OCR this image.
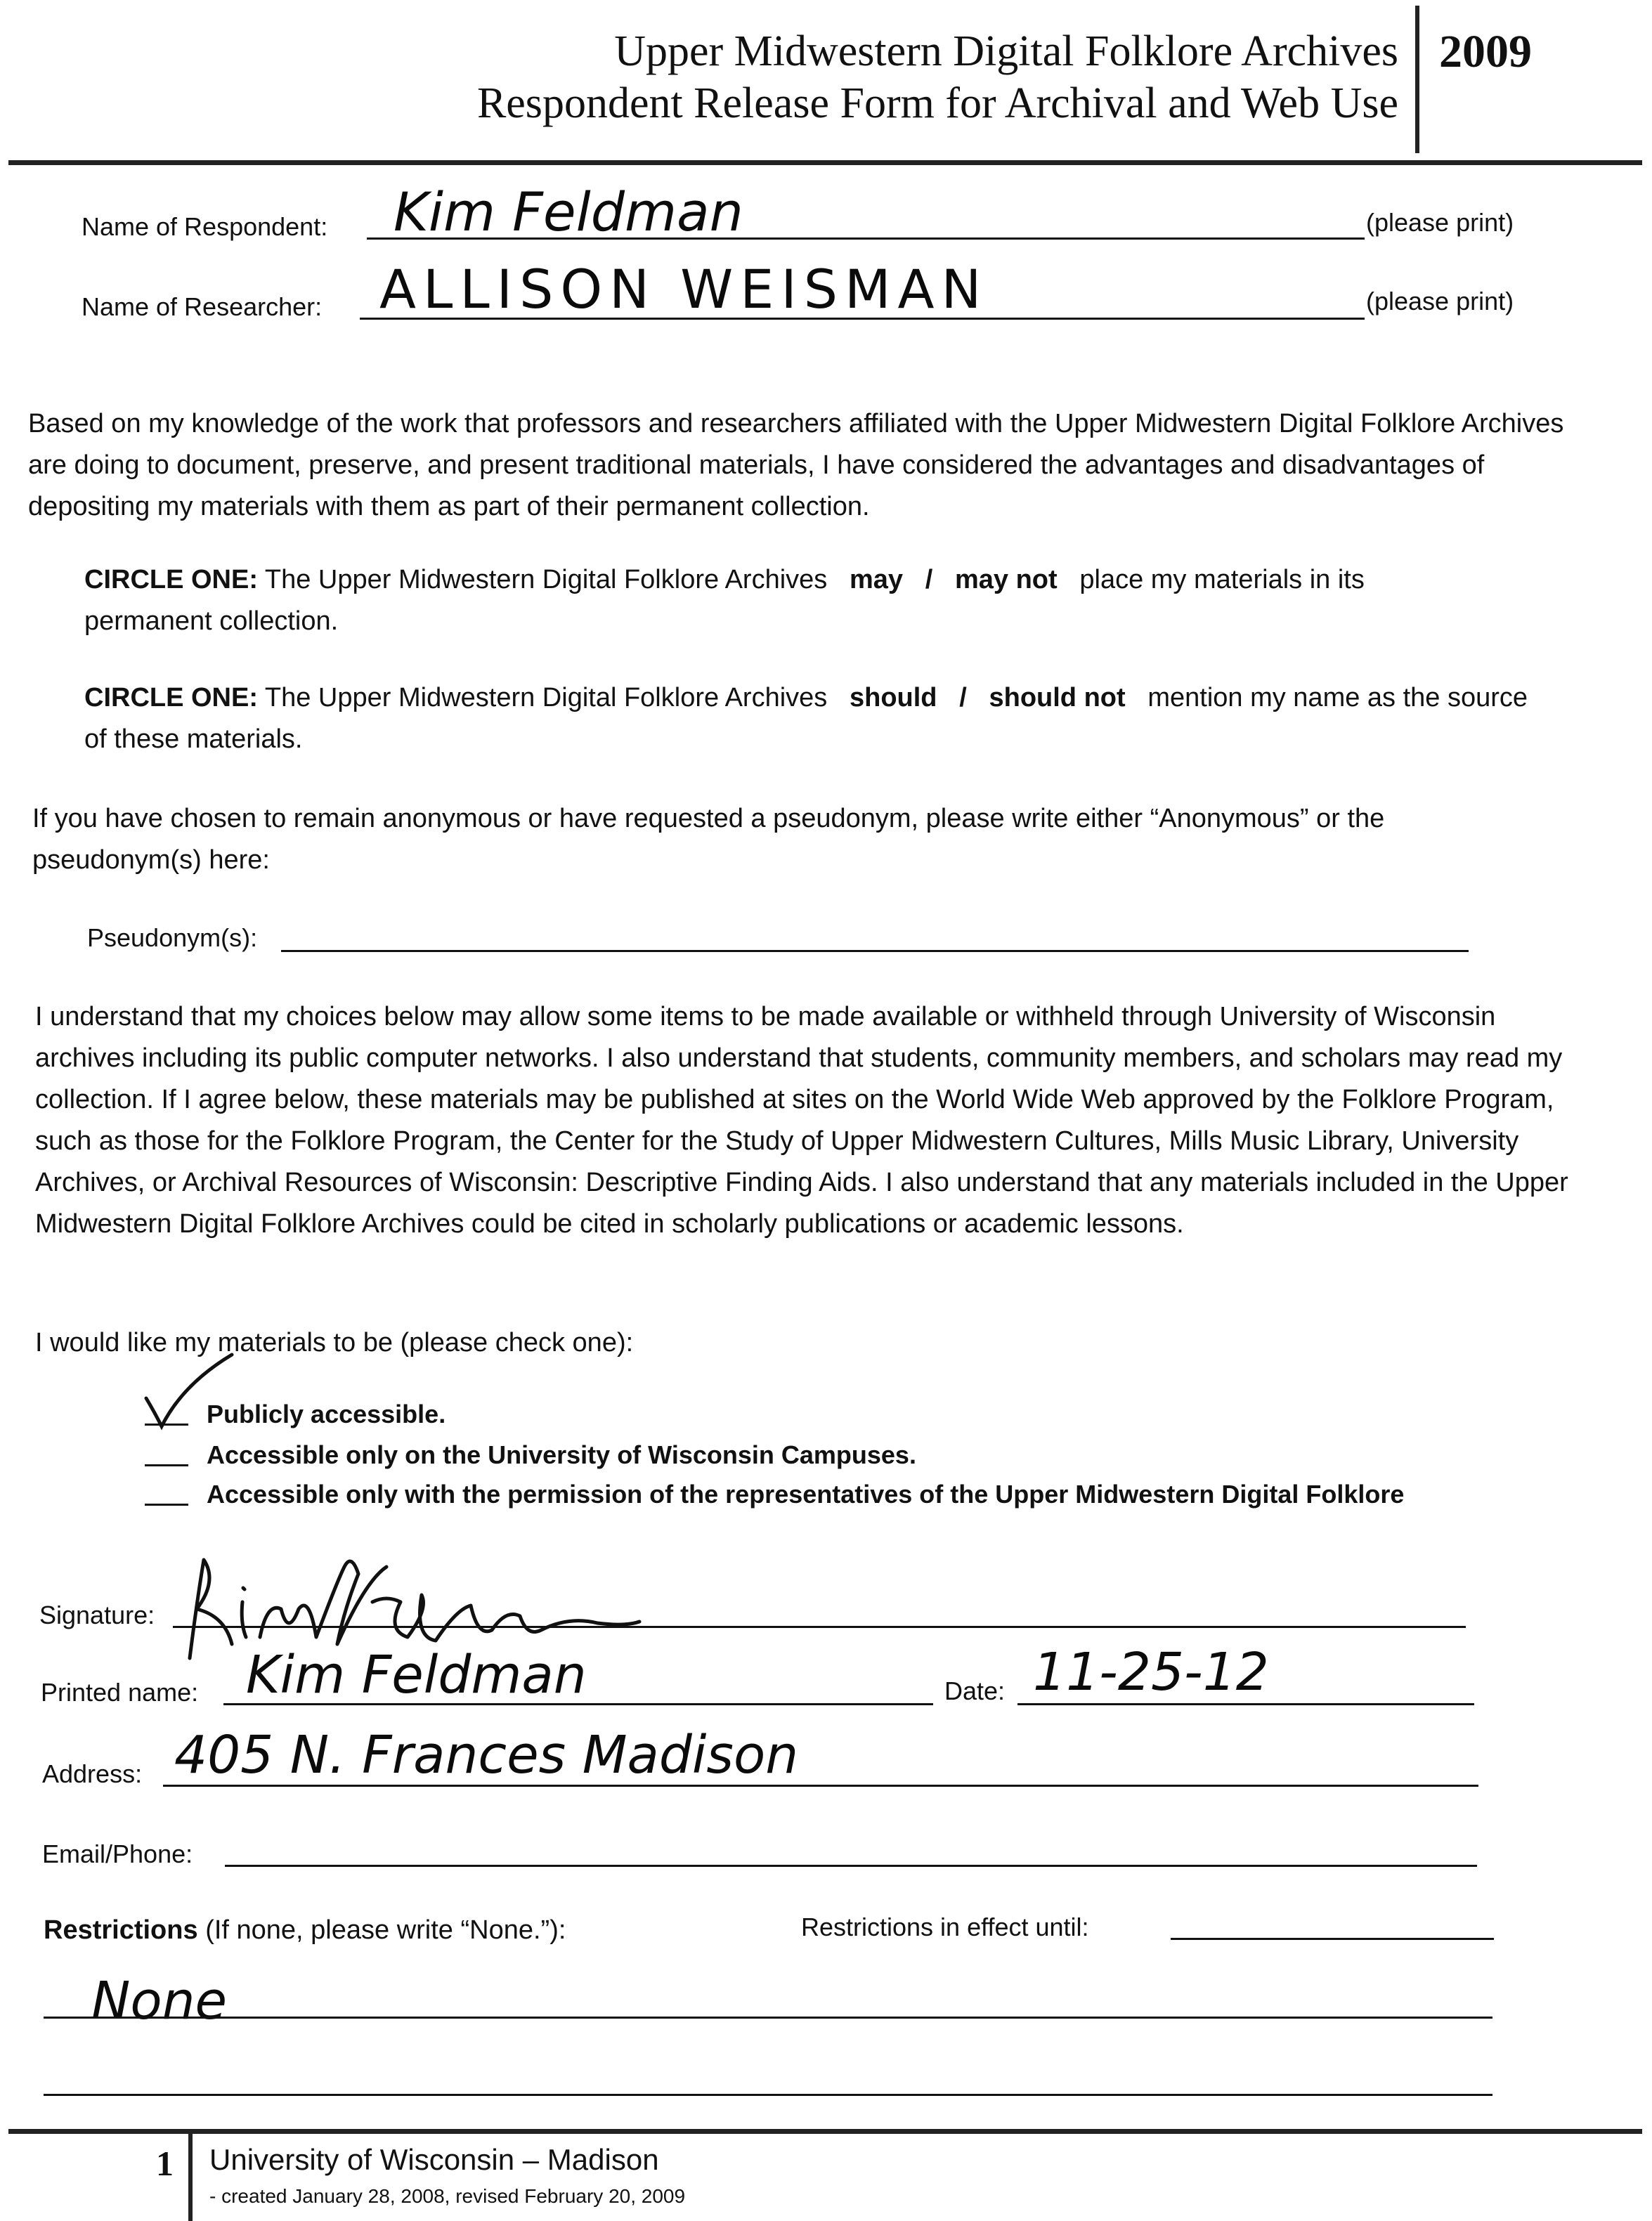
Upper Midwestern Digital Folklore Archives
Respondent Release Form for Archival and Web Use
2009
Name of Respondent: Kim Feldman	(please print)
Name of Researcher: ALLISON WEISMAN	(please print)

Based on my knowledge of the work that professors and researchers affiliated with the Upper Midwestern Digital Folklore Archives are doing to document, preserve, and present traditional materials, I have considered the advantages and disadvantages of depositing my materials with them as part of their permanent collection.

CIRCLE ONE: The Upper Midwestern Digital Folklore Archives may / may not place my materials in its permanent collection.
CIRCLE ONE: The Upper Midwestern Digital Folklore Archives should / should not mention my name as the source of these materials.

If you have chosen to remain anonymous or have requested a pseudonym, please write either “Anonymous” or the pseudonym(s) here:

Pseudonym(s):

I understand that my choices below may allow some items to be made available or withheld through University of Wisconsin archives including its public computer networks. I also understand that students, community members, and scholars may read my collection. If I agree below, these materials may be published at sites on the World Wide Web approved by the Folklore Program, such as those for the Folklore Program, the Center for the Study of Upper Midwestern Cultures, Mills Music Library, University Archives, or Archival Resources of Wisconsin: Descriptive Finding Aids. I also understand that any materials included in the Upper Midwestern Digital Folklore Archives could be cited in scholarly publications or academic lessons.

I would like my materials to be (please check one):
Publicly accessible.
Accessible only on the University of Wisconsin Campuses.
Accessible only with the permission of the representatives of the Upper Midwestern Digital Folklore
Signature:
Printed name: Kim Feldman	Date: 11-25-12
Address: 405 N. Frances Madison
Email/Phone:
Restrictions (If none, please write “None.”):	Restrictions in effect until:
None
1 University of Wisconsin – Madison
- created January 28, 2008, revised February 20, 2009
